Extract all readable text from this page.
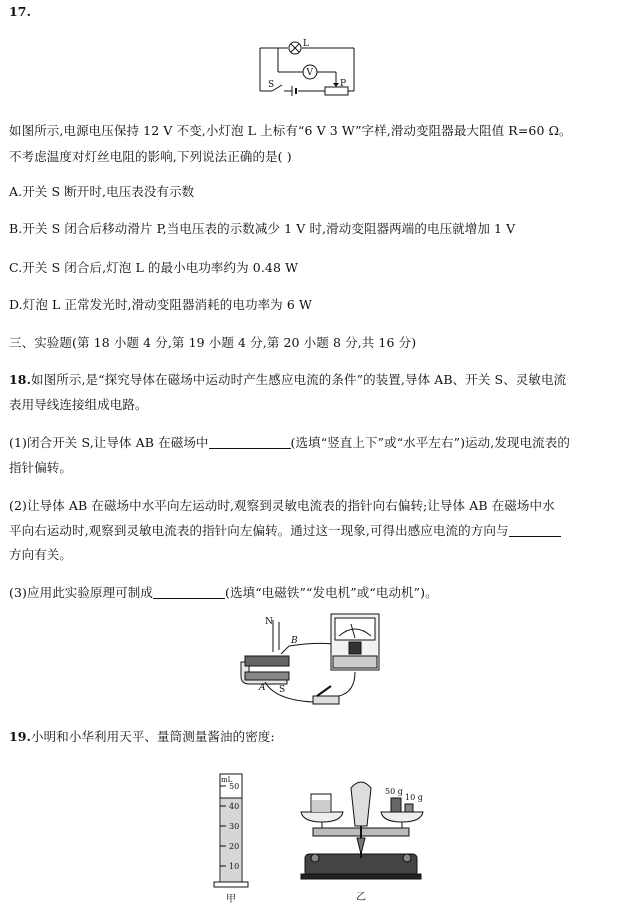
17.
L
V
S	P
如图所示,电源电压保持 12 V 不变,小灯泡 L 上标有“6 V 3 W”字样,滑动变阻器最大阻值 R=60 Ω。
不考虑温度对灯丝电阻的影响,下列说法正确的是( )
A.开关 S 断开时,电压表没有示数
B.开关 S 闭合后移动滑片 P,当电压表的示数减少 1 V 时,滑动变阻器两端的电压就增加 1 V
C.开关 S 闭合后,灯泡 L 的最小电功率约为 0.48 W
D.灯泡 L 正常发光时,滑动变阻器消耗的电功率为 6 W
三、实验题(第 18 小题 4 分,第 19 小题 4 分,第 20 小题 8 分,共 16 分)
18.如图所示,是“探究导体在磁场中运动时产生感应电流的条件”的装置,导体 AB、开关 S、灵敏电流
表用导线连接组成电路。
(1)闭合开关 S,让导体 AB 在磁场中	(选填“竖直上下”或“水平左右”)运动,发现电流表的
指针偏转。
(2)让导体 AB 在磁场中水平向左运动时,观察到灵敏电流表的指针向右偏转;让导体 AB 在磁场中水
平向右运动时,观察到灵敏电流表的指针向左偏转。通过这一现象,可得出感应电流的方向与
方向有关。
(3)应用此实验原理可制成	(选填“电磁铁”“发电机”或“电动机”)。
N
B
A S
19.小明和小华利用天平、量筒测量酱油的密度:
mL
50
40
30
20
10
甲
50 g
10 g
乙
